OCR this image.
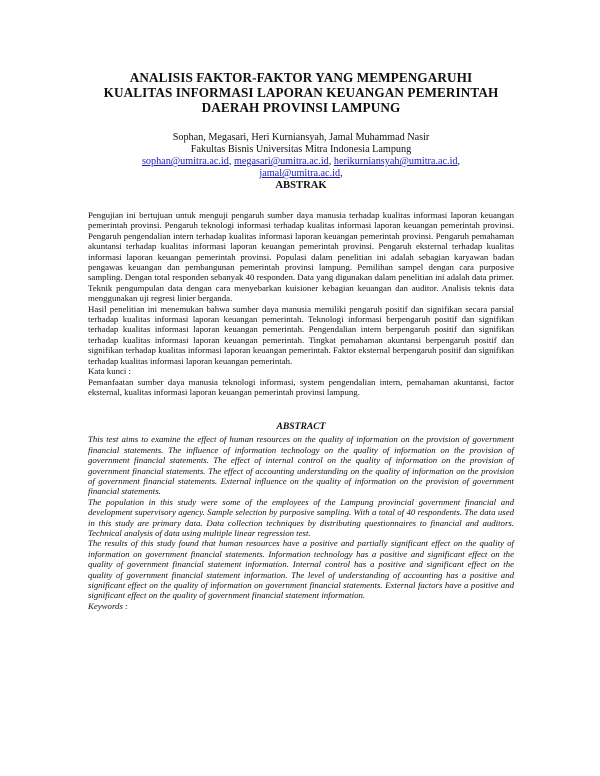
ANALISIS FAKTOR-FAKTOR YANG MEMPENGARUHI
KUALITAS INFORMASI LAPORAN KEUANGAN PEMERINTAH
DAERAH PROVINSI LAMPUNG
Sophan, Megasari, Heri Kurniansyah, Jamal Muhammad Nasir
Fakultas Bisnis Universitas Mitra Indonesia Lampung
sophan@umitra.ac.id, megasari@umitra.ac.id, herikurniansyah@umitra.ac.id,
jamal@umitra.ac.id,
ABSTRAK

Pengujian ini bertujuan untuk menguji pengaruh sumber daya manusia terhadap kualitas informasi laporan keuangan pemerintah provinsi. Pengaruh teknologi informasi terhadap kualitas informasi laporan keuangan pemerintah provinsi. Pengaruh pengendalian intern terhadap kualitas informasi laporan keuangan pemerintah provinsi. Pengaruh pemahaman akuntansi terhadap kualitas informasi laporan keuangan pemerintah provinsi. Pengaruh eksternal terhadap kualitas informasi laporan keuangan pemerintah provinsi. Populasi dalam penelitian ini adalah sebagian karyawan badan pengawas keuangan dan pembangunan pemerintah provinsi lampung. Pemilihan sampel dengan cara purposive sampling. Dengan total responden sebanyak 40 responden. Data yang digunakan dalam penelitian ini adalah data primer. Teknik pengumpulan data dengan cara menyebarkan kuisioner kebagian keuangan dan auditor. Analisis teknis data menggunakan uji regresi linier berganda.

Hasil penelitian ini menemukan bahwa sumber daya manusia memiliki pengaruh positif dan signifikan secara parsial terhadap kualitas informasi laporan keuangan pemerintah. Teknologi informasi berpengaruh positif dan signifikan terhadap kualitas informasi laporan keuangan pemerintah. Pengendalian intern berpengaruh positif dan signifikan terhadap kualitas informasi laporan keuangan pemerintah. Tingkat pemahaman akuntansi berpengaruh positif dan signifikan terhadap kualitas informasi laporan keuangan pemerintah. Faktor eksternal berpengaruh positif dan signifikan terhadap kualitas informasi laporan keuangan pemerintah.

Kata kunci :

Pemanfaatan sumber daya manusia teknologi informasi, system pengendalian intern, pemahaman akuntansi, factor eksternal, kualitas informasi laporan keuangan pemerintah provinsi lampung.

ABSTRACT

This test aims to examine the effect of human resources on the quality of information on the provision of government financial statements. The influence of information technology on the quality of information on the provision of government financial statements. The effect of internal control on the quality of information on the provision of government financial statements. The effect of accounting understanding on the quality of information on the provision of government financial statements. External influence on the quality of information on the provision of government financial statements.

The population in this study were some of the employees of the Lampung provincial government financial and development supervisory agency. Sample selection by purposive sampling. With a total of 40 respondents. The data used in this study are primary data. Data collection techniques by distributing questionnaires to financial and auditors. Technical analysis of data using multiple linear regression test.

The results of this study found that human resources have a positive and partially significant effect on the quality of information on government financial statements. Information technology has a positive and significant effect on the quality of government financial statement information. Internal control has a positive and significant effect on the quality of government financial statement information. The level of understanding of accounting has a positive and significant effect on the quality of information on government financial statements. External factors have a positive and significant effect on the quality of government financial statement information.

Keywords :
